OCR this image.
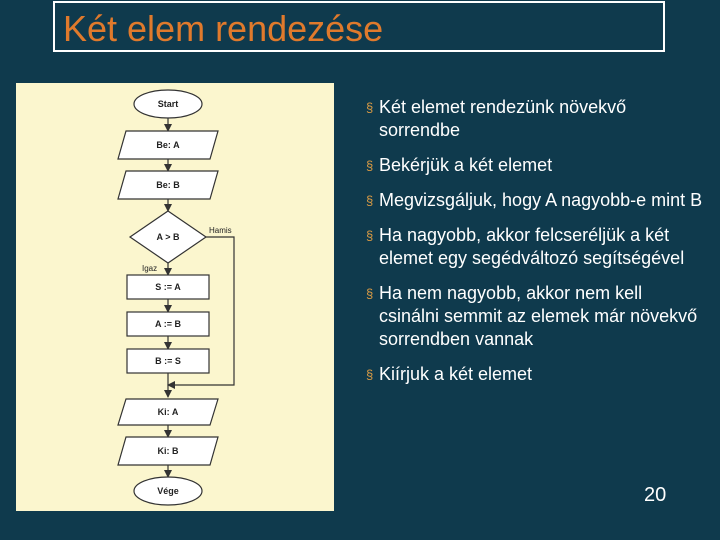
Két elem rendezése
Start
Be: A
Be: B
A > B
S := A
A := B
B := S
Ki: A
Ki: B
Vége
Hamis
Igaz
§ Két elemet rendezünk növekvő sorrendbe
§ Bekérjük a két elemet
§ Megvizsgáljuk, hogy A nagyobb-e mint B
§ Ha nagyobb, akkor felcseréljük a két elemet egy segédváltozó segítségével
§ Ha nem nagyobb, akkor nem kell csinálni semmit az elemek már növekvő sorrendben vannak
§ Kiírjuk a két elemet
20
